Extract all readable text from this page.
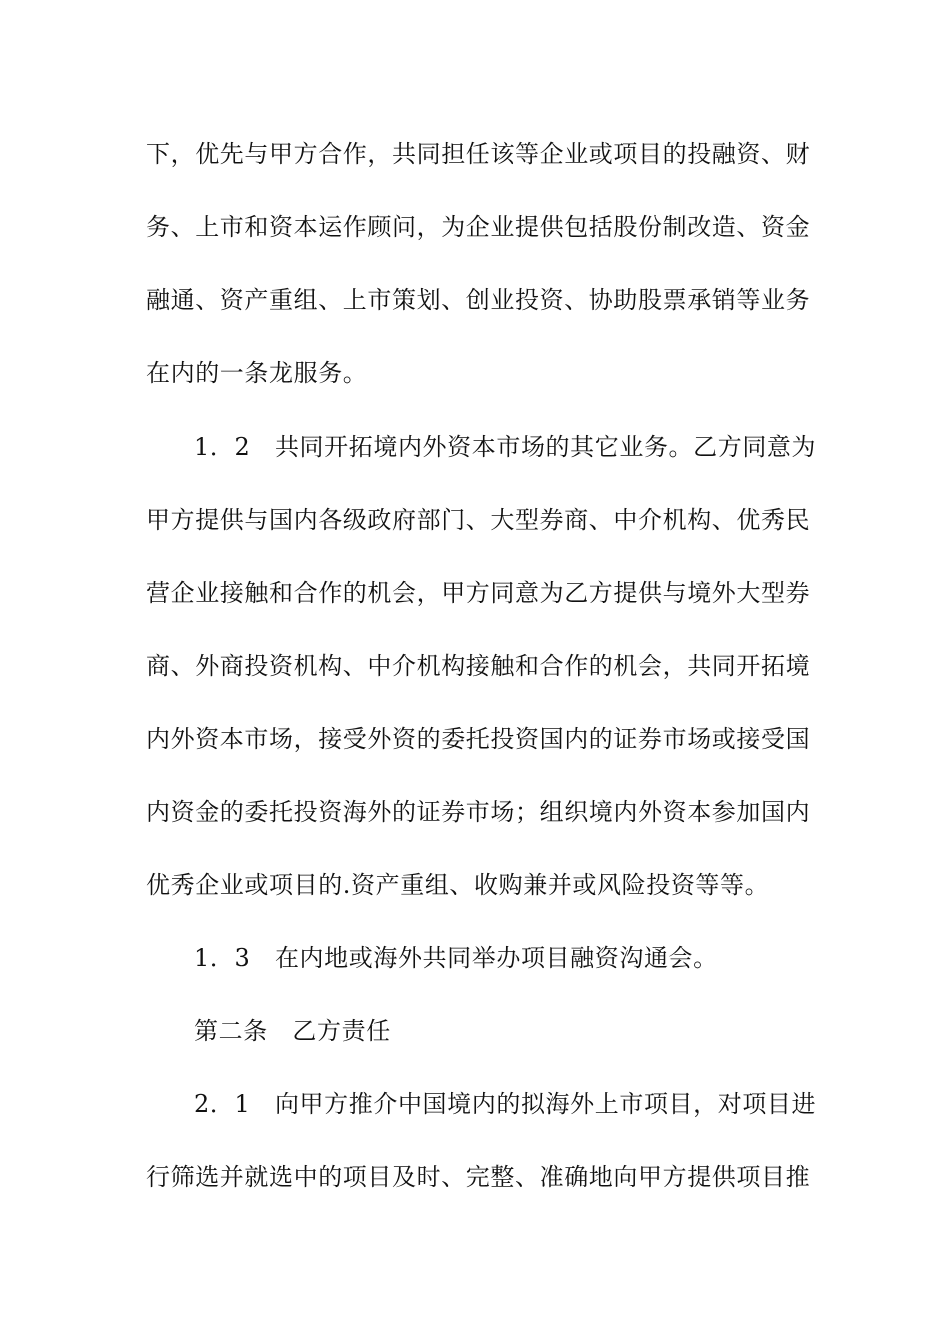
下，优先与甲方合作，共同担任该等企业或项目的投融资、财
务、上市和资本运作顾问，为企业提供包括股份制改造、资金
融通、资产重组、上市策划、创业投资、协助股票承销等业务
在内的一条龙服务。
1．2　共同开拓境内外资本市场的其它业务。乙方同意为
甲方提供与国内各级政府部门、大型券商、中介机构、优秀民
营企业接触和合作的机会，甲方同意为乙方提供与境外大型券
商、外商投资机构、中介机构接触和合作的机会，共同开拓境
内外资本市场，接受外资的委托投资国内的证券市场或接受国
内资金的委托投资海外的证券市场；组织境内外资本参加国内
优秀企业或项目的.资产重组、收购兼并或风险投资等等。
1．3　在内地或海外共同举办项目融资沟通会。
第二条　乙方责任
2．1　向甲方推介中国境内的拟海外上市项目，对项目进
行筛选并就选中的项目及时、完整、准确地向甲方提供项目推
